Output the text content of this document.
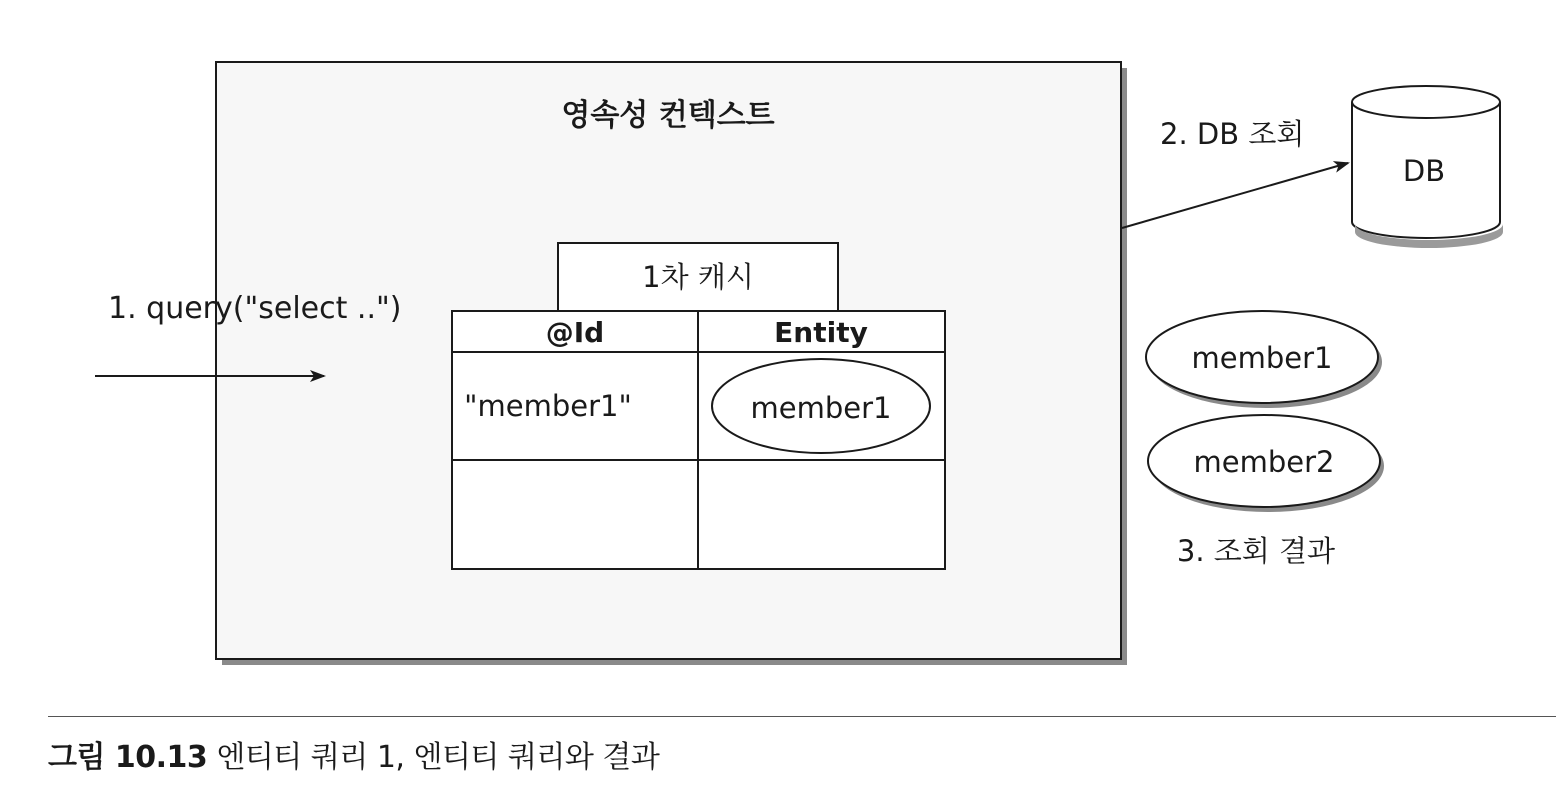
영속성 컨텍스트
1차 캐시
@Id	Entity
"member1"	member1
1. query("select ..")
2. DB 조회
DB
member1
member2
3. 조회 결과
그림 10.13 엔티티 쿼리 1, 엔티티 쿼리와 결과
